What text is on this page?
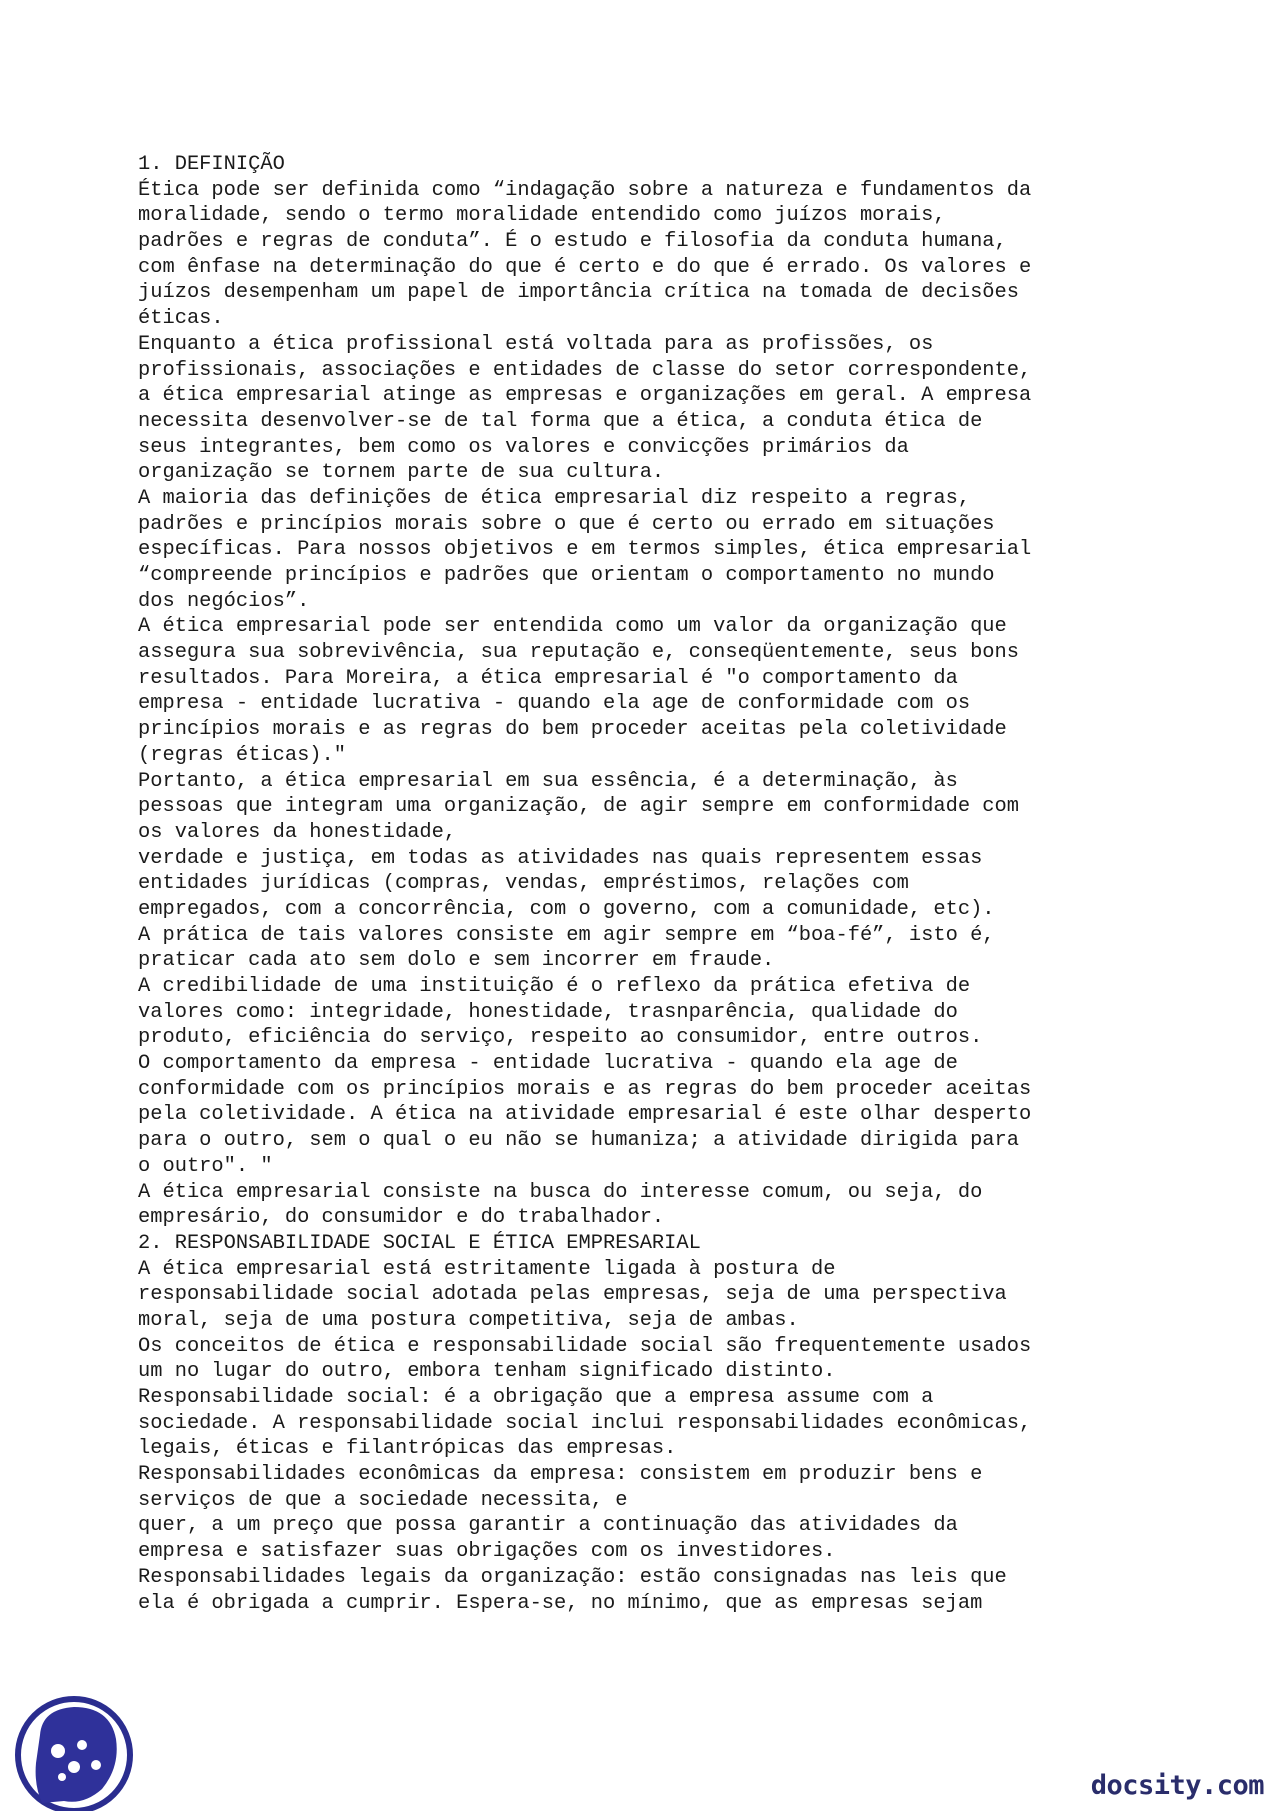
1. DEFINIÇÃO
Ética pode ser definida como “indagação sobre a natureza e fundamentos da
moralidade, sendo o termo moralidade entendido como juízos morais,
padrões e regras de conduta”. É o estudo e filosofia da conduta humana,
com ênfase na determinação do que é certo e do que é errado. Os valores e
juízos desempenham um papel de importância crítica na tomada de decisões
éticas.
Enquanto a ética profissional está voltada para as profissões, os
profissionais, associações e entidades de classe do setor correspondente,
a ética empresarial atinge as empresas e organizações em geral. A empresa
necessita desenvolver-se de tal forma que a ética, a conduta ética de
seus integrantes, bem como os valores e convicções primários da
organização se tornem parte de sua cultura.
A maioria das definições de ética empresarial diz respeito a regras,
padrões e princípios morais sobre o que é certo ou errado em situações
específicas. Para nossos objetivos e em termos simples, ética empresarial
“compreende princípios e padrões que orientam o comportamento no mundo
dos negócios”.
A ética empresarial pode ser entendida como um valor da organização que
assegura sua sobrevivência, sua reputação e, conseqüentemente, seus bons
resultados. Para Moreira, a ética empresarial é "o comportamento da
empresa - entidade lucrativa - quando ela age de conformidade com os
princípios morais e as regras do bem proceder aceitas pela coletividade
(regras éticas)."
Portanto, a ética empresarial em sua essência, é a determinação, às
pessoas que integram uma organização, de agir sempre em conformidade com
os valores da honestidade,
verdade e justiça, em todas as atividades nas quais representem essas
entidades jurídicas (compras, vendas, empréstimos, relações com
empregados, com a concorrência, com o governo, com a comunidade, etc).
A prática de tais valores consiste em agir sempre em “boa-fé”, isto é,
praticar cada ato sem dolo e sem incorrer em fraude.
A credibilidade de uma instituição é o reflexo da prática efetiva de
valores como: integridade, honestidade, trasnparência, qualidade do
produto, eficiência do serviço, respeito ao consumidor, entre outros.
O comportamento da empresa - entidade lucrativa - quando ela age de
conformidade com os princípios morais e as regras do bem proceder aceitas
pela coletividade. A ética na atividade empresarial é este olhar desperto
para o outro, sem o qual o eu não se humaniza; a atividade dirigida para
o outro". "
A ética empresarial consiste na busca do interesse comum, ou seja, do
empresário, do consumidor e do trabalhador.
2. RESPONSABILIDADE SOCIAL E ÉTICA EMPRESARIAL
A ética empresarial está estritamente ligada à postura de
responsabilidade social adotada pelas empresas, seja de uma perspectiva
moral, seja de uma postura competitiva, seja de ambas.
Os conceitos de ética e responsabilidade social são frequentemente usados
um no lugar do outro, embora tenham significado distinto.
Responsabilidade social: é a obrigação que a empresa assume com a
sociedade. A responsabilidade social inclui responsabilidades econômicas,
legais, éticas e filantrópicas das empresas.
Responsabilidades econômicas da empresa: consistem em produzir bens e
serviços de que a sociedade necessita, e
quer, a um preço que possa garantir a continuação das atividades da
empresa e satisfazer suas obrigações com os investidores.
Responsabilidades legais da organização: estão consignadas nas leis que
ela é obrigada a cumprir. Espera-se, no mínimo, que as empresas sejam
docsity.com
